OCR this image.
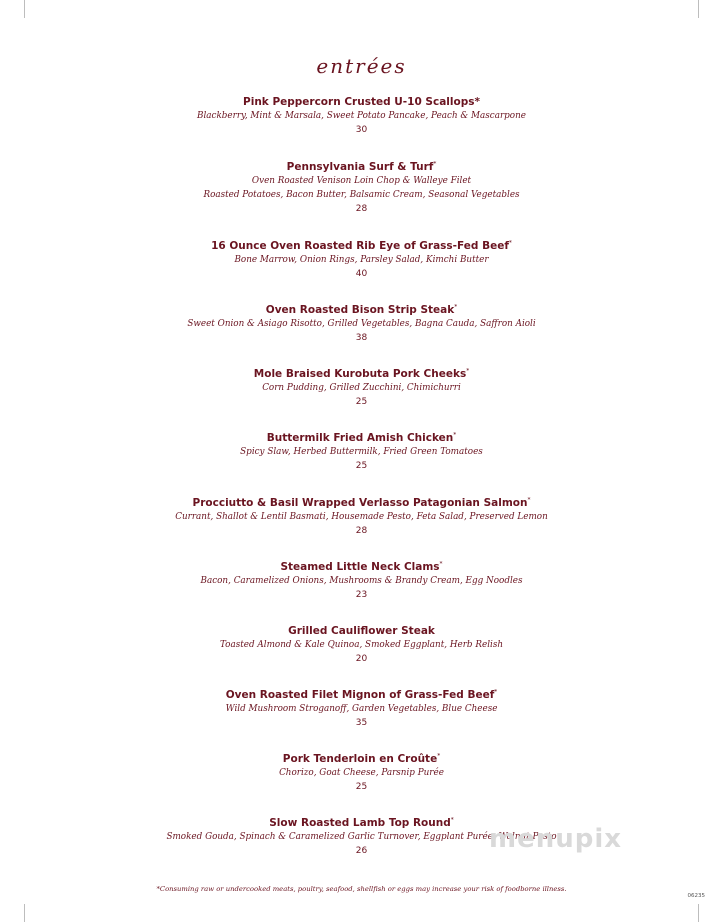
entrées
Pink Peppercorn Crusted U-10 Scallops*
Blackberry, Mint & Marsala, Sweet Potato Pancake, Peach & Mascarpone
30
Pennsylvania Surf & Turf*
Oven Roasted Venison Loin Chop & Walleye Filet
Roasted Potatoes, Bacon Butter, Balsamic Cream, Seasonal Vegetables
28
16 Ounce Oven Roasted Rib Eye of Grass-Fed Beef*
Bone Marrow, Onion Rings, Parsley Salad, Kimchi Butter
40
Oven Roasted Bison Strip Steak*
Sweet Onion & Asiago Risotto, Grilled Vegetables, Bagna Cauda, Saffron Aioli
38
Mole Braised Kurobuta Pork Cheeks*
Corn Pudding, Grilled Zucchini, Chimichurri
25
Buttermilk Fried Amish Chicken*
Spicy Slaw, Herbed Buttermilk, Fried Green Tomatoes
25
Procciutto & Basil Wrapped Verlasso Patagonian Salmon*
Currant, Shallot & Lentil Basmati, Housemade Pesto, Feta Salad, Preserved Lemon
28
Steamed Little Neck Clams*
Bacon, Caramelized Onions, Mushrooms & Brandy Cream, Egg Noodles
23
Grilled Cauliflower Steak
Toasted Almond & Kale Quinoa, Smoked Eggplant, Herb Relish
20
Oven Roasted Filet Mignon of Grass-Fed Beef*
Wild Mushroom Stroganoff, Garden Vegetables, Blue Cheese
35
Pork Tenderloin en Croûte*
Chorizo, Goat Cheese, Parsnip Purée
25
Slow Roasted Lamb Top Round*
Smoked Gouda, Spinach & Caramelized Garlic Turnover, Eggplant Purée, Walnut Pesto
26	menupix
*Consuming raw or undercooked meats, poultry, seafood, shellfish or eggs may increase your risk of foodborne illness.
06235
